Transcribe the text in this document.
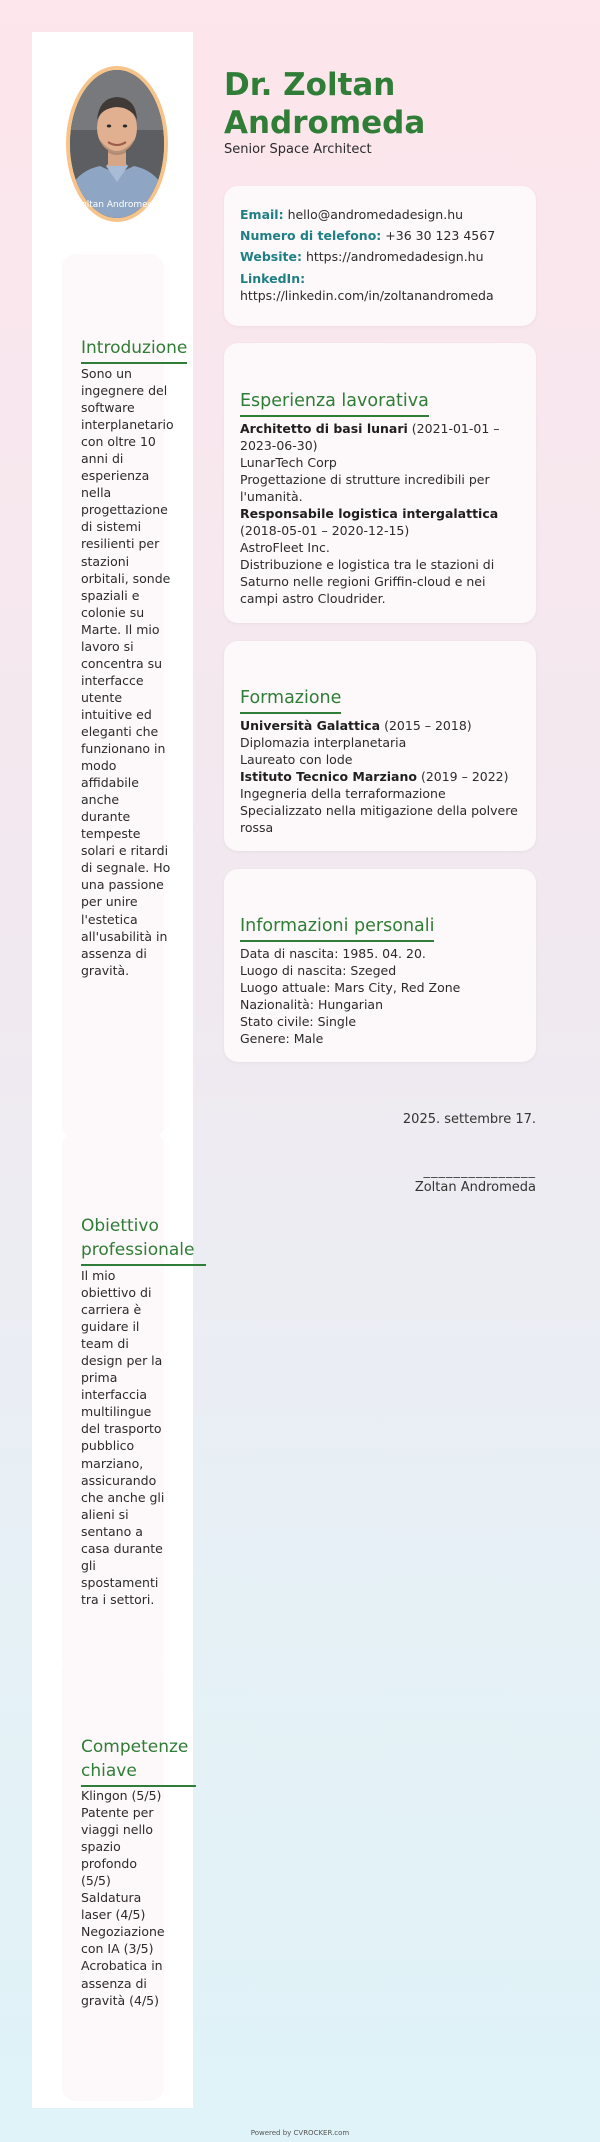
Zoltan Andromeda
Introduzione

Sono un ingegnere del software interplanetario con oltre 10 anni di esperienza nella progettazione di sistemi resilienti per stazioni orbitali, sonde spaziali e colonie su Marte. Il mio lavoro si concentra su interfacce utente intuitive ed eleganti che funzionano in modo affidabile anche durante tempeste solari e ritardi di segnale. Ho una passione per unire l'estetica all'usabilità in assenza di gravità.

Obiettivo professionale

Il mio obiettivo di carriera è guidare il team di design per la prima interfaccia multilingue del trasporto pubblico marziano, assicurando che anche gli alieni si sentano a casa durante gli spostamenti tra i settori.

Competenze chiave
Klingon (5/5)
Patente per viaggi nello spazio profondo (5/5)
Saldatura laser (4/5)
Negoziazione con IA (3/5)
Acrobatica in assenza di gravità (4/5)
Dr. Zoltan Andromeda

Senior Space Architect

Email: hello@andromedadesign.hu

Numero di telefono: +36 30 123 4567

Website: https://andromedadesign.hu

LinkedIn:
https://linkedin.com/in/zoltanandromeda

Esperienza lavorativa

Architetto di basi lunari (2021-01-01 – 2023-06-30)

LunarTech Corp

Progettazione di strutture incredibili per l'umanità.

Responsabile logistica intergalattica (2018-05-01 – 2020-12-15)

AstroFleet Inc.

Distribuzione e logistica tra le stazioni di Saturno nelle regioni Griffin-cloud e nei campi astro Cloudrider.

Formazione

Università Galattica (2015 – 2018)

Diplomazia interplanetaria

Laureato con lode

Istituto Tecnico Marziano (2019 – 2022)

Ingegneria della terraformazione

Specializzato nella mitigazione della polvere rossa

Informazioni personali

Data di nascita: 1985. 04. 20.

Luogo di nascita: Szeged

Luogo attuale: Mars City, Red Zone

Nazionalità: Hungarian

Stato civile: Single

Genere: Male

2025. settembre 17.

_______________

Zoltan Andromeda

Powered by CVROCKER.com
